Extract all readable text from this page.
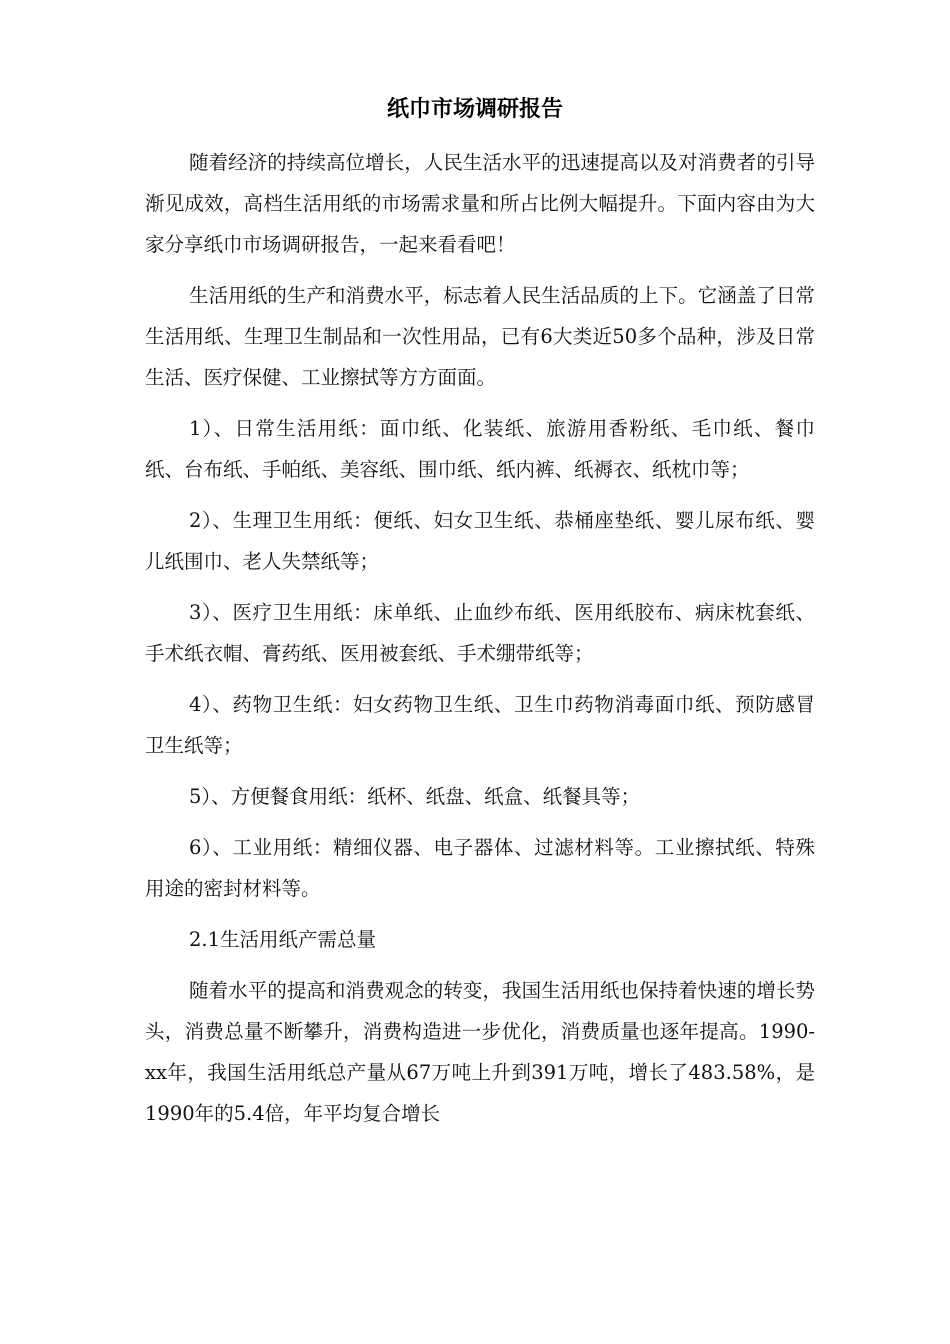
纸巾市场调研报告

随着经济的持续高位增长，人民生活水平的迅速提高以及对消费者的引导渐见成效，高档生活用纸的市场需求量和所占比例大幅提升。下面内容由为大家分享纸巾市场调研报告，一起来看看吧！

生活用纸的生产和消费水平，标志着人民生活品质的上下。它涵盖了日常生活用纸、生理卫生制品和一次性用品，已有6大类近50多个品种，涉及日常生活、医疗保健、工业擦拭等方方面面。

1）、日常生活用纸：面巾纸、化装纸、旅游用香粉纸、毛巾纸、餐巾纸、台布纸、手帕纸、美容纸、围巾纸、纸内裤、纸褥衣、纸枕巾等；

2）、生理卫生用纸：便纸、妇女卫生纸、恭桶座垫纸、婴儿尿布纸、婴儿纸围巾、老人失禁纸等；

3）、医疗卫生用纸：床单纸、止血纱布纸、医用纸胶布、病床枕套纸、手术纸衣帽、膏药纸、医用被套纸、手术绷带纸等；

4）、药物卫生纸：妇女药物卫生纸、卫生巾药物消毒面巾纸、预防感冒卫生纸等；

5）、方便餐食用纸：纸杯、纸盘、纸盒、纸餐具等；

6）、工业用纸：精细仪器、电子器体、过滤材料等。工业擦拭纸、特殊用途的密封材料等。

2.1生活用纸产需总量

随着水平的提高和消费观念的转变，我国生活用纸也保持着快速的增长势头，消费总量不断攀升，消费构造进一步优化，消费质量也逐年提高。1990-xx年，我国生活用纸总产量从67万吨上升到391万吨，增长了483.58%，是1990年的5.4倍，年平均复合增长
